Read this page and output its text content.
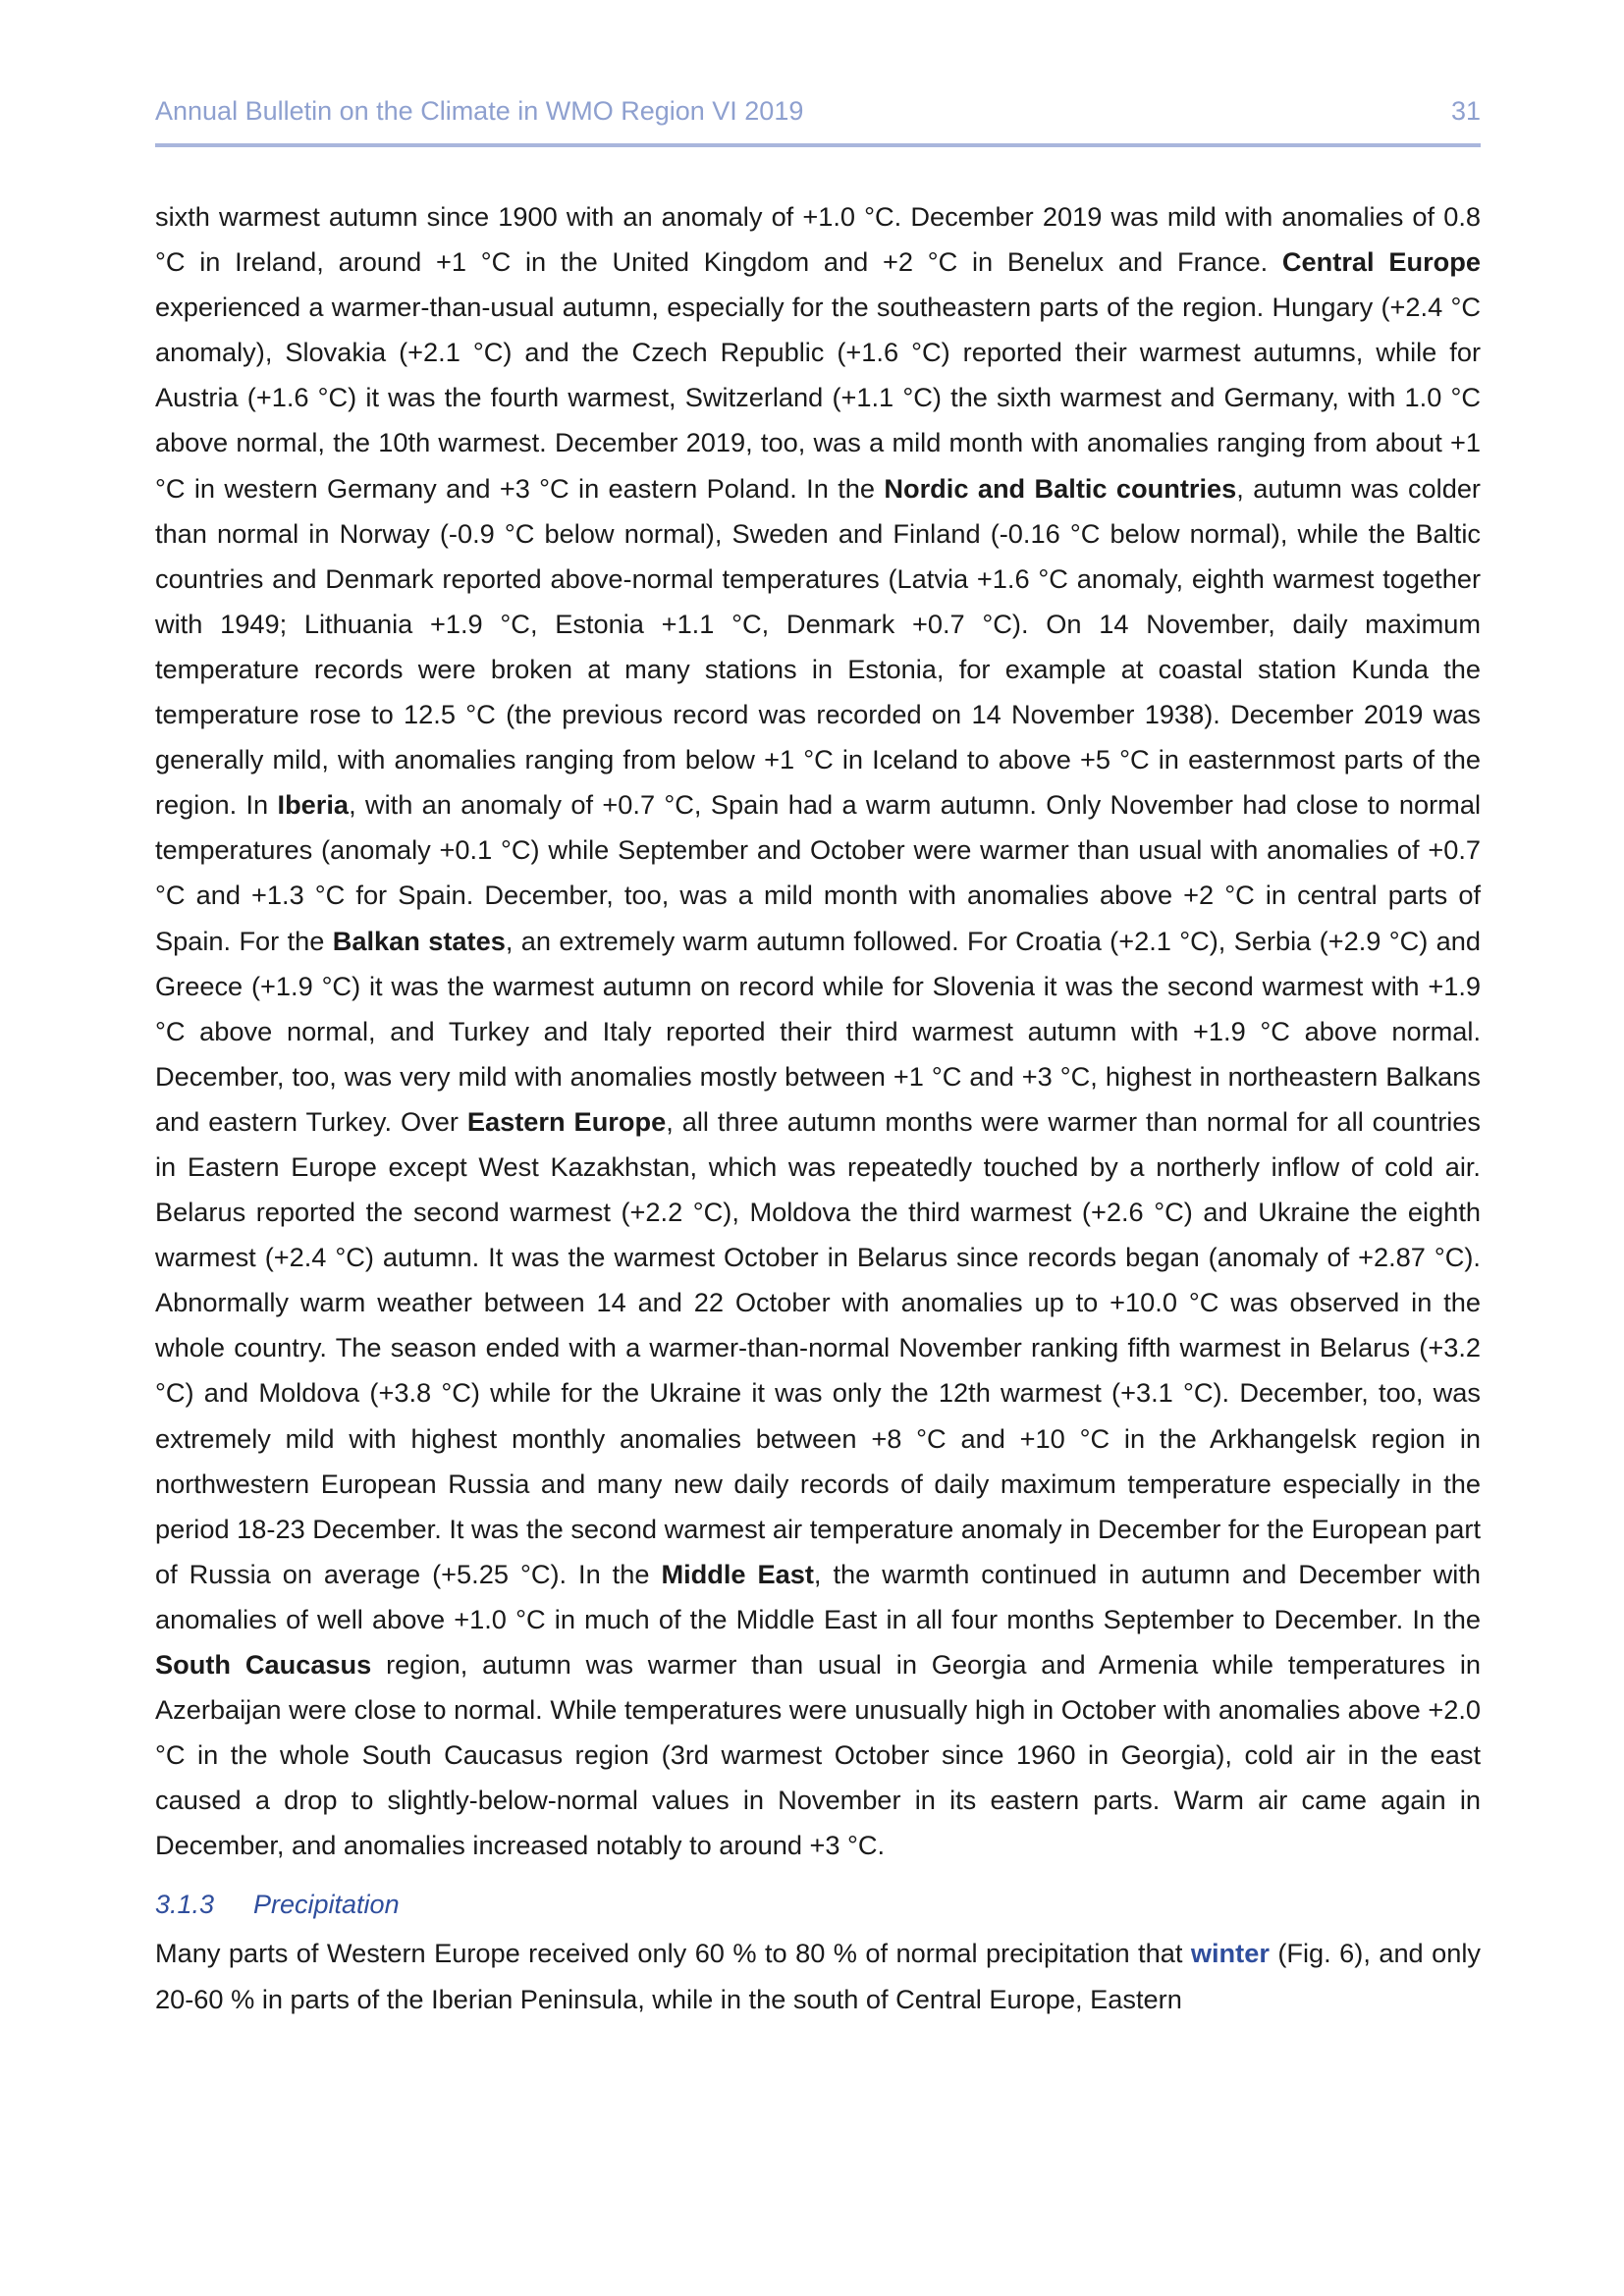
Annual Bulletin on the Climate in WMO Region VI 2019	31

sixth warmest autumn since 1900 with an anomaly of +1.0 °C. December 2019 was mild with anomalies of 0.8 °C in Ireland, around +1 °C in the United Kingdom and +2 °C in Benelux and France. Central Europe experienced a warmer-than-usual autumn, especially for the southeastern parts of the region. Hungary (+2.4 °C anomaly), Slovakia (+2.1 °C) and the Czech Republic (+1.6 °C) reported their warmest autumns, while for Austria (+1.6 °C) it was the fourth warmest, Switzerland (+1.1 °C) the sixth warmest and Germany, with 1.0 °C above normal, the 10th warmest. December 2019, too, was a mild month with anomalies ranging from about +1 °C in western Germany and +3 °C in eastern Poland. In the Nordic and Baltic countries, autumn was colder than normal in Norway (-0.9 °C below normal), Sweden and Finland (-0.16 °C below normal), while the Baltic countries and Denmark reported above-normal temperatures (Latvia +1.6 °C anomaly, eighth warmest together with 1949; Lithuania +1.9 °C, Estonia +1.1 °C, Denmark +0.7 °C). On 14 November, daily maximum temperature records were broken at many stations in Estonia, for example at coastal station Kunda the temperature rose to 12.5 °C (the previous record was recorded on 14 November 1938). December 2019 was generally mild, with anomalies ranging from below +1 °C in Iceland to above +5 °C in easternmost parts of the region. In Iberia, with an anomaly of +0.7 °C, Spain had a warm autumn. Only November had close to normal temperatures (anomaly +0.1 °C) while September and October were warmer than usual with anomalies of +0.7 °C and +1.3 °C for Spain. December, too, was a mild month with anomalies above +2 °C in central parts of Spain. For the Balkan states, an extremely warm autumn followed. For Croatia (+2.1 °C), Serbia (+2.9 °C) and Greece (+1.9 °C) it was the warmest autumn on record while for Slovenia it was the second warmest with +1.9 °C above normal, and Turkey and Italy reported their third warmest autumn with +1.9 °C above normal. December, too, was very mild with anomalies mostly between +1 °C and +3 °C, highest in northeastern Balkans and eastern Turkey. Over Eastern Europe, all three autumn months were warmer than normal for all countries in Eastern Europe except West Kazakhstan, which was repeatedly touched by a northerly inflow of cold air. Belarus reported the second warmest (+2.2 °C), Moldova the third warmest (+2.6 °C) and Ukraine the eighth warmest (+2.4 °C) autumn. It was the warmest October in Belarus since records began (anomaly of +2.87 °C). Abnormally warm weather between 14 and 22 October with anomalies up to +10.0 °C was observed in the whole country. The season ended with a warmer-than-normal November ranking fifth warmest in Belarus (+3.2 °C) and Moldova (+3.8 °C) while for the Ukraine it was only the 12th warmest (+3.1 °C). December, too, was extremely mild with highest monthly anomalies between +8 °C and +10 °C in the Arkhangelsk region in northwestern European Russia and many new daily records of daily maximum temperature especially in the period 18-23 December. It was the second warmest air temperature anomaly in December for the European part of Russia on average (+5.25 °C). In the Middle East, the warmth continued in autumn and December with anomalies of well above +1.0 °C in much of the Middle East in all four months September to December. In the South Caucasus region, autumn was warmer than usual in Georgia and Armenia while temperatures in Azerbaijan were close to normal. While temperatures were unusually high in October with anomalies above +2.0 °C in the whole South Caucasus region (3rd warmest October since 1960 in Georgia), cold air in the east caused a drop to slightly-below-normal values in November in its eastern parts. Warm air came again in December, and anomalies increased notably to around +3 °C.

3.1.3 Precipitation

Many parts of Western Europe received only 60 % to 80 % of normal precipitation that winter (Fig. 6), and only 20-60 % in parts of the Iberian Peninsula, while in the south of Central Europe, Eastern
